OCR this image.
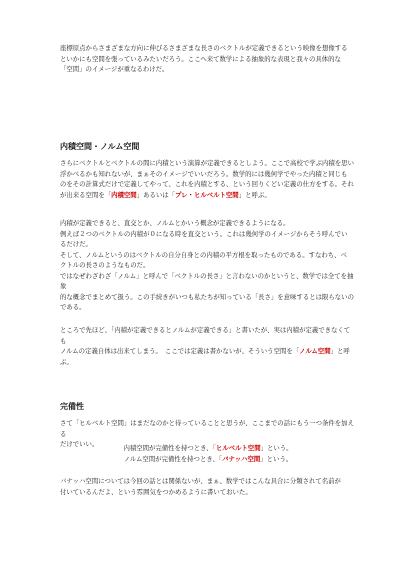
座標原点からさまざまな方向に伸びるさまざまな長さのベクトルが定義できるという映像を想像する
といかにも空間を張っているみたいだろう。ここへ来て数学による抽象的な表現と我々の具体的な
「空間」のイメージが重なるわけだ。
内積空間・ノルム空間
さらにベクトルとベクトルの間に内積という演算が定義できるとしよう。ここで高校で学ぶ内積を思い
浮かべるかも知れないが、まぁそのイメージでいいだろう。数学的には幾何学でやった内積と同じも
のをその計算式だけで定義してやって、これを内積とする、という回りくどい定義の仕方をする。それ
が出来る空間を「内積空間」あるいは「プレ・ヒルベルト空間」と呼ぶ。
内積が定義できると、直交とか、ノルムとかいう概念が定義できるようになる。
例えば２つのベクトルの内積が０になる時を直交という。これは幾何学のイメージからそう呼んでい
るだけだ。
そして、ノルムというのはベクトルの自分自身との内積の平方根を取ったものである。すなわち、ベ
クトルの長さのようなものだ。
ではなぜわざわざ「ノルム」と呼んで「ベクトルの長さ」と言わないのかというと、数学では全てを抽象
的な概念でまとめて扱う。この手続きがいつも私たちが知っている「長さ」を意味するとは限らないの
である。
ところで先ほど、「内積が定義できるとノルムが定義できる」と書いたが、実は内積が定義できなくても
ノルムの定義自体は出来てしまう。　ここでは定義は書かないが、そういう空間を「ノルム空間」と呼
ぶ。
完備性
さて「ヒルベルト空間」はまだなのかと待っていることと思うが、ここまでの話にもう一つ条件を加える
だけでいい。	内積空間が完備性を持つとき、「ヒルベルト空間」という。
ノルム空間が完備性を持つとき、「バナッハ空間」という。
バナッハ空間については今回の話とは関係ないが、まぁ、数学ではこんな具合に分類されて名前が
付いているんだよ、という雰囲気をつかめるように書いておいた。
